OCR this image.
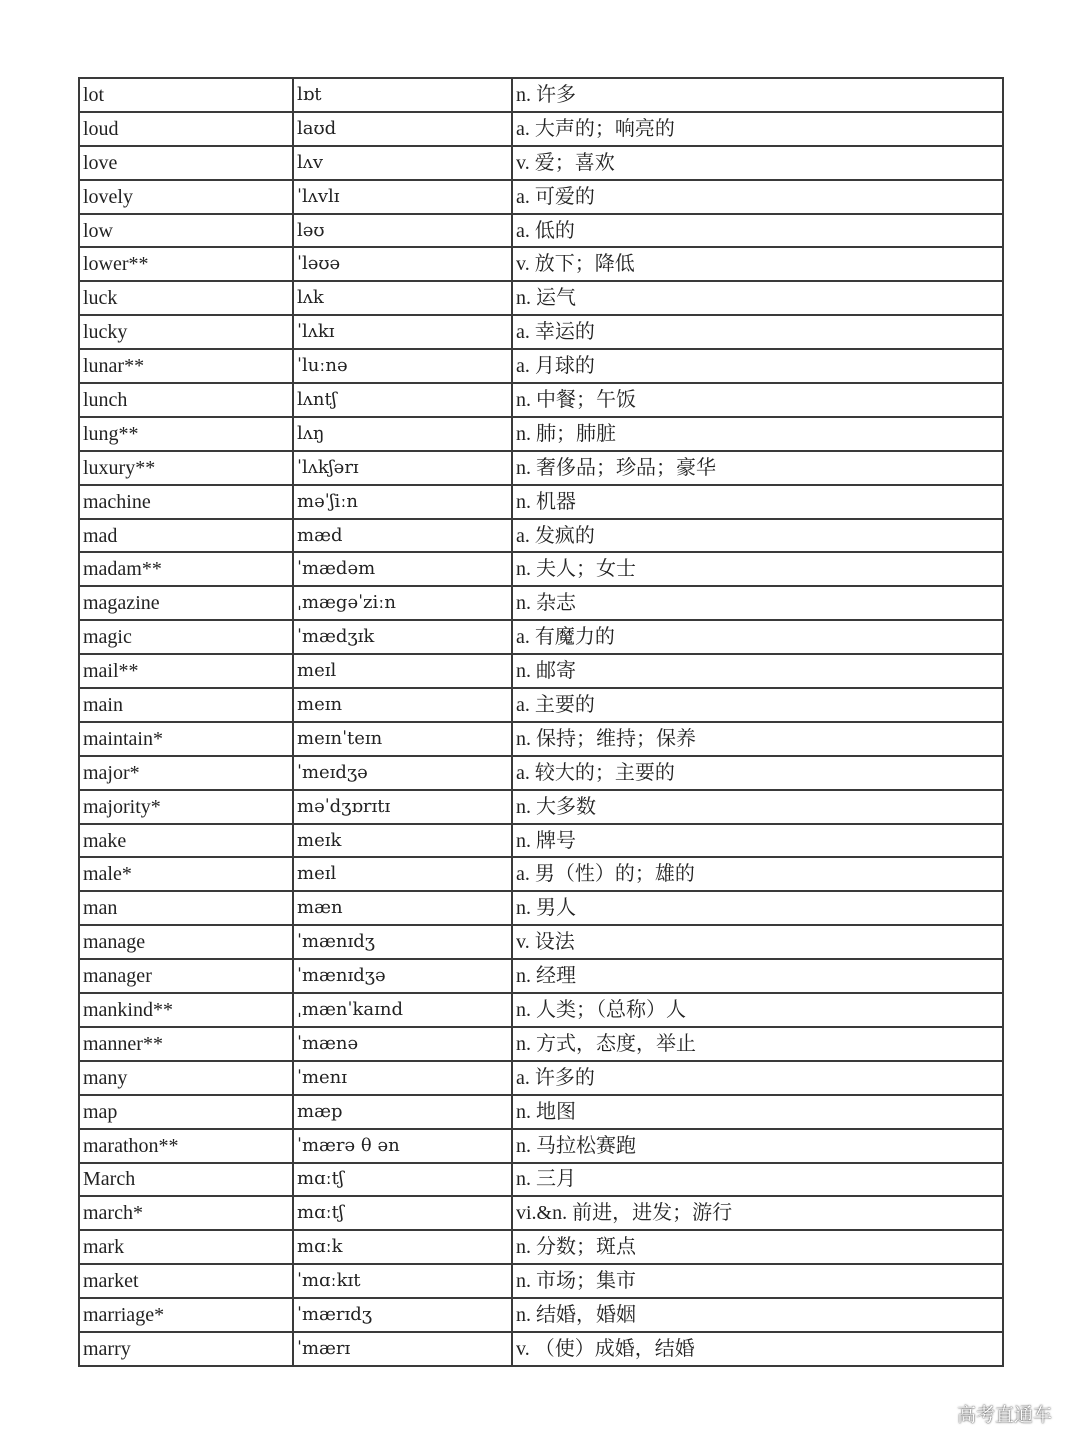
lot	lɒt	n. 许多
loud	laʊd	a. 大声的；响亮的
love	lʌv	v. 爱；喜欢
lovely	ˈlʌvlɪ	a. 可爱的
low	ləʊ	a. 低的
lower**	ˈləʊə	v. 放下；降低
luck	lʌk	n. 运气
lucky	ˈlʌkɪ	a. 幸运的
lunar**	ˈluːnə	a. 月球的
lunch	lʌntʃ	n. 中餐；午饭
lung**	lʌŋ	n. 肺；肺脏
luxury**	ˈlʌkʃərɪ	n. 奢侈品；珍品；豪华
machine	məˈʃiːn	n. 机器
mad	mæd	a. 发疯的
madam**	ˈmædəm	n. 夫人；女士
magazine	ˌmægəˈziːn	n. 杂志
magic	ˈmædʒɪk	a. 有魔力的
mail**	meɪl	n. 邮寄
main	meɪn	a. 主要的
maintain*	meɪnˈteɪn	n. 保持；维持；保养
major*	ˈmeɪdʒə	a. 较大的；主要的
majority*	məˈdʒɒrɪtɪ	n. 大多数
make	meɪk	n. 牌号
male*	meɪl	a. 男（性）的；雄的
man	mæn	n. 男人
manage	ˈmænɪdʒ	v. 设法
manager	ˈmænɪdʒə	n. 经理
mankind**	ˌmænˈkaɪnd	n. 人类；（总称）人
manner**	ˈmænə	n. 方式，态度，举止
many	ˈmenɪ	a. 许多的
map	mæp	n. 地图
marathon**	ˈmærə θ ən	n. 马拉松赛跑
March	mɑːtʃ	n. 三月
march*	mɑːtʃ	vi.&n. 前进，进发；游行
mark	mɑːk	n. 分数；斑点
market	ˈmɑːkɪt	n. 市场；集市
marriage*	ˈmærɪdʒ	n. 结婚，婚姻
marry	ˈmærɪ	v. （使）成婚，结婚
高考直通车
